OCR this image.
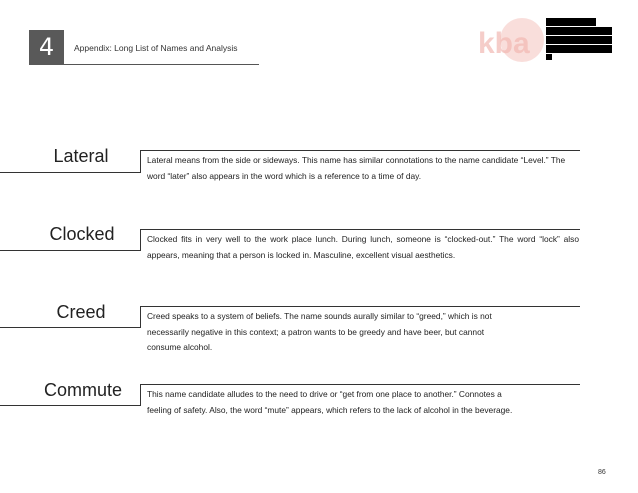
4	Appendix: Long List of Names and Analysis	kba
Lateral	Lateral means from the side or sideways. This name has similar connotations to the name candidate “Level.” The word “later” also appears in the word which is a reference to a time of day.
Clocked	Clocked fits in very well to the work place lunch. During lunch, someone is “clocked-out.” The word “lock” also appears, meaning that a person is locked in. Masculine, excellent visual aesthetics.
Creed	Creed speaks to a system of beliefs. The name sounds aurally similar to “greed,” which is not necessarily negative in this context; a patron wants to be greedy and have beer, but cannot consume alcohol.
Commute	This name candidate alludes to the need to drive or “get from one place to another.” Connotes a feeling of safety. Also, the word “mute” appears, which refers to the lack of alcohol in the beverage.
86
